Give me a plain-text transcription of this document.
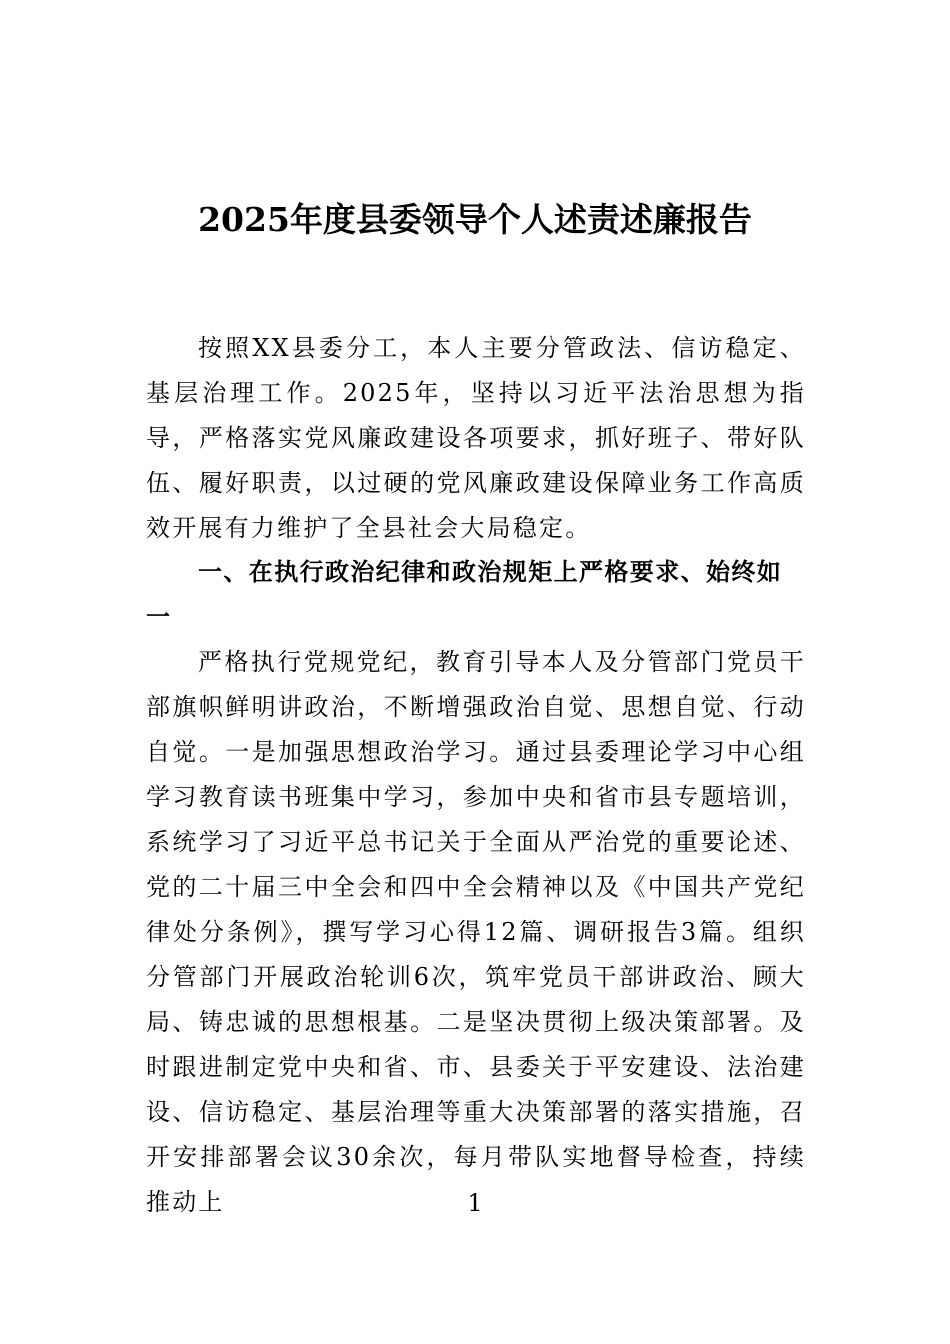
2025年度县委领导个人述责述廉报告

按照XX县委分工，本人主要分管政法、信访稳定、基层治理工作。2025年，坚持以习近平法治思想为指导，严格落实党风廉政建设各项要求，抓好班子、带好队伍、履好职责，以过硬的党风廉政建设保障业务工作高质效开展有力维护了全县社会大局稳定。

一、在执行政治纪律和政治规矩上严格要求、始终如一

严格执行党规党纪，教育引导本人及分管部门党员干部旗帜鲜明讲政治，不断增强政治自觉、思想自觉、行动自觉。一是加强思想政治学习。通过县委理论学习中心组学习教育读书班集中学习，参加中央和省市县专题培训，系统学习了习近平总书记关于全面从严治党的重要论述、党的二十届三中全会和四中全会精神以及《中国共产党纪律处分条例》，撰写学习心得12篇、调研报告3篇。组织分管部门开展政治轮训6次，筑牢党员干部讲政治、顾大局、铸忠诚的思想根基。二是坚决贯彻上级决策部署。及时跟进制定党中央和省、市、县委关于平安建设、法治建设、信访稳定、基层治理等重大决策部署的落实措施，召开安排部署会议30余次，每月带队实地督导检查，持续推动上	1
